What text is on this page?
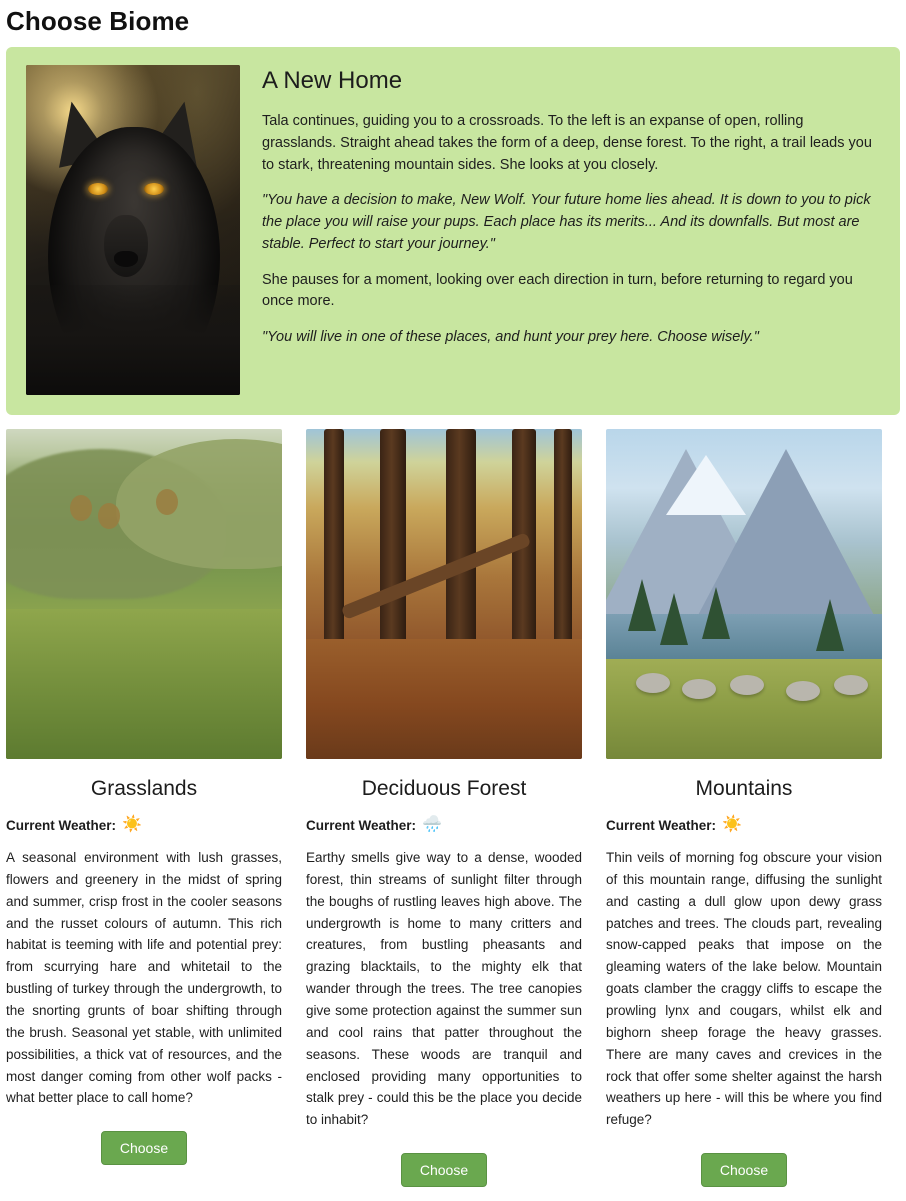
Choose Biome
A New Home

Tala continues, guiding you to a crossroads. To the left is an expanse of open, rolling grasslands. Straight ahead takes the form of a deep, dense forest. To the right, a trail leads you to stark, threatening mountain sides. She looks at you closely.

"You have a decision to make, New Wolf. Your future home lies ahead. It is down to you to pick the place you will raise your pups. Each place has its merits... And its downfalls. But most are stable. Perfect to start your journey."

She pauses for a moment, looking over each direction in turn, before returning to regard you once more.

"You will live in one of these places, and hunt your prey here. Choose wisely."

Grasslands
Current Weather: ☀️

A seasonal environment with lush grasses, flowers and greenery in the midst of spring and summer, crisp frost in the cooler seasons and the russet colours of autumn. This rich habitat is teeming with life and potential prey: from scurrying hare and whitetail to the bustling of turkey through the undergrowth, to the snorting grunts of boar shifting through the brush. Seasonal yet stable, with unlimited possibilities, a thick vat of resources, and the most danger coming from other wolf packs - what better place to call home?

Choose
Deciduous Forest
Current Weather: 🌧️

Earthy smells give way to a dense, wooded forest, thin streams of sunlight filter through the boughs of rustling leaves high above. The undergrowth is home to many critters and creatures, from bustling pheasants and grazing blacktails, to the mighty elk that wander through the trees. The tree canopies give some protection against the summer sun and cool rains that patter throughout the seasons. These woods are tranquil and enclosed providing many opportunities to stalk prey - could this be the place you decide to inhabit?

Choose
Mountains
Current Weather: ☀️

Thin veils of morning fog obscure your vision of this mountain range, diffusing the sunlight and casting a dull glow upon dewy grass patches and trees. The clouds part, revealing snow-capped peaks that impose on the gleaming waters of the lake below. Mountain goats clamber the craggy cliffs to escape the prowling lynx and cougars, whilst elk and bighorn sheep forage the heavy grasses. There are many caves and crevices in the rock that offer some shelter against the harsh weathers up here - will this be where you find refuge?

Choose
